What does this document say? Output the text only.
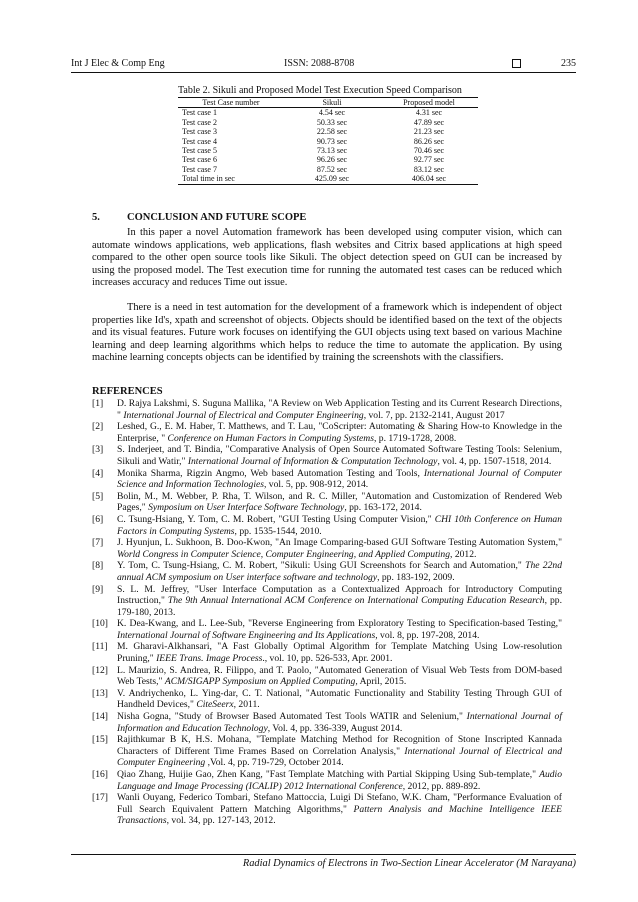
Int J Elec & Comp Eng	ISSN: 2088-8708	235
Table 2. Sikuli and Proposed Model Test Execution Speed Comparison
Test Case number	Sikuli	Proposed model
Test case 1	4.54 sec	4.31 sec
Test case 2	50.33 sec	47.89 sec
Test case 3	22.58 sec	21.23 sec
Test case 4	90.73 sec	86.26 sec
Test case 5	73.13 sec	70.46 sec
Test case 6	96.26 sec	92.77 sec
Test case 7	87.52 sec	83.12 sec
Total time in sec	425.09 sec	406.04 sec
5.	CONCLUSION AND FUTURE SCOPE

In this paper a novel Automation framework has been developed using computer vision, which can automate windows applications, web applications, flash websites and Citrix based applications at high speed compared to the other open source tools like Sikuli. The object detection speed on GUI can be increased by using the proposed model. The Test execution time for running the automated test cases can be reduced which increases accuracy and reduces Time out issue.

There is a need in test automation for the development of a framework which is independent of object properties like Id's, xpath and screenshot of objects. Objects should be identified based on the text of the objects and its visual features. Future work focuses on identifying the GUI objects using text based on various Machine learning and deep learning algorithms which helps to reduce the time to automate the application. By using machine learning concepts objects can be identified by training the screenshots with the classifiers.

REFERENCES
[1] D. Rajya Lakshmi, S. Suguna Mallika, "A Review on Web Application Testing and its Current Research Directions, " International Journal of Electrical and Computer Engineering, vol. 7, pp. 2132-2141, August 2017
[2] Leshed, G., E. M. Haber, T. Matthews, and T. Lau, "CoScripter: Automating & Sharing How-to Knowledge in the Enterprise, " Conference on Human Factors in Computing Systems, p. 1719-1728, 2008.
[3] S. Inderjeet, and T. Bindia, "Comparative Analysis of Open Source Automated Software Testing Tools: Selenium, Sikuli and Watir," International Journal of Information & Computation Technology, vol. 4, pp. 1507-1518, 2014.
[4] Monika Sharma, Rigzin Angmo, Web based Automation Testing and Tools, International Journal of Computer Science and Information Technologies, vol. 5, pp. 908-912, 2014.
[5] Bolin, M., M. Webber, P. Rha, T. Wilson, and R. C. Miller, "Automation and Customization of Rendered Web Pages," Symposium on User Interface Software Technology, pp. 163-172, 2014.
[6] C. Tsung-Hsiang, Y. Tom, C. M. Robert, "GUI Testing Using Computer Vision," CHI 10th Conference on Human Factors in Computing Systems, pp. 1535-1544, 2010.
[7] J. Hyunjun, L. Sukhoon, B. Doo-Kwon, "An Image Comparing-based GUI Software Testing Automation System," World Congress in Computer Science, Computer Engineering, and Applied Computing, 2012.
[8] Y. Tom, C. Tsung-Hsiang, C. M. Robert, "Sikuli: Using GUI Screenshots for Search and Automation," The 22nd annual ACM symposium on User interface software and technology, pp. 183-192, 2009.
[9] S. L. M. Jeffrey, "User Interface Computation as a Contextualized Approach for Introductory Computing Instruction," The 9th Annual International ACM Conference on International Computing Education Research, pp. 179-180, 2013.
[10] K. Dea-Kwang, and L. Lee-Sub, "Reverse Engineering from Exploratory Testing to Specification-based Testing," International Journal of Software Engineering and Its Applications, vol. 8, pp. 197-208, 2014.
[11] M. Gharavi-Alkhansari, "A Fast Globally Optimal Algorithm for Template Matching Using Low-resolution Pruning," IEEE Trans. Image Process., vol. 10, pp. 526-533, Apr. 2001.
[12] L. Maurizio, S. Andrea, R. Filippo, and T. Paolo, "Automated Generation of Visual Web Tests from DOM-based Web Tests," ACM/SIGAPP Symposium on Applied Computing, April, 2015.
[13] V. Andriychenko, L. Ying-dar, C. T. National, "Automatic Functionality and Stability Testing Through GUI of Handheld Devices," CiteSeerx, 2011.
[14] Nisha Gogna, "Study of Browser Based Automated Test Tools WATIR and Selenium," International Journal of Information and Education Technology, Vol. 4, pp. 336-339, August 2014.
[15] Rajithkumar B K, H.S. Mohana, "Template Matching Method for Recognition of Stone Inscripted Kannada Characters of Different Time Frames Based on Correlation Analysis," International Journal of Electrical and Computer Engineering ,Vol. 4, pp. 719-729, October 2014.
[16] Qiao Zhang, Huijie Gao, Zhen Kang, "Fast Template Matching with Partial Skipping Using Sub-template," Audio Language and Image Processing (ICALIP) 2012 International Conference, 2012, pp. 889-892.
[17] Wanli Ouyang, Federico Tombari, Stefano Mattoccia, Luigi Di Stefano, W.K. Cham, "Performance Evaluation of Full Search Equivalent Pattern Matching Algorithms," Pattern Analysis and Machine Intelligence IEEE Transactions, vol. 34, pp. 127-143, 2012.
Radial Dynamics of Electrons in Two-Section Linear Accelerator (M Narayana)
